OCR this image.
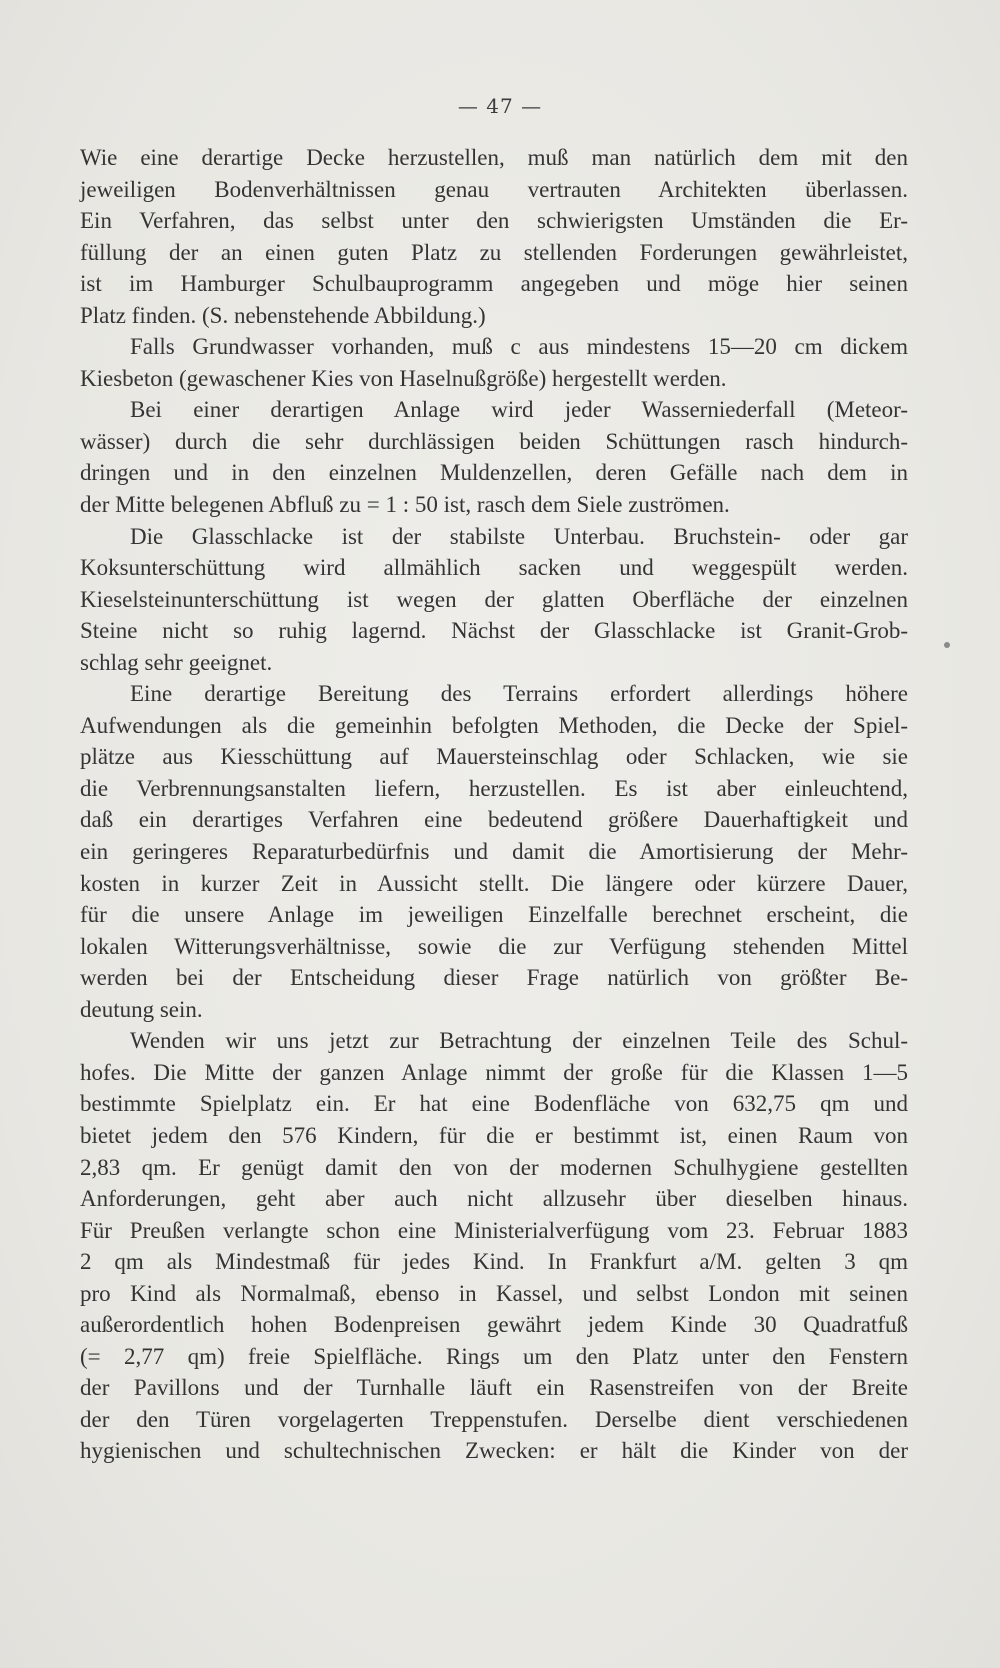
— 47 —
Wie eine derartige Decke herzustellen, muß man natürlich dem mit den
jeweiligen Bodenverhältnissen genau vertrauten Architekten überlassen.
Ein Verfahren, das selbst unter den schwierigsten Umständen die Er-
füllung der an einen guten Platz zu stellenden Forderungen gewährleistet,
ist im Hamburger Schulbauprogramm angegeben und möge hier seinen
Platz finden. (S. nebenstehende Abbildung.)
Falls Grundwasser vorhanden, muß c aus mindestens 15—20 cm dickem
Kiesbeton (gewaschener Kies von Haselnußgröße) hergestellt werden.
Bei einer derartigen Anlage wird jeder Wasserniederfall (Meteor-
wässer) durch die sehr durchlässigen beiden Schüttungen rasch hindurch-
dringen und in den einzelnen Muldenzellen, deren Gefälle nach dem in
der Mitte belegenen Abfluß zu = 1 : 50 ist, rasch dem Siele zuströmen.
Die Glasschlacke ist der stabilste Unterbau. Bruchstein- oder gar
Koksunterschüttung wird allmählich sacken und weggespült werden.
Kieselsteinunterschüttung ist wegen der glatten Oberfläche der einzelnen
Steine nicht so ruhig lagernd. Nächst der Glasschlacke ist Granit-Grob-
schlag sehr geeignet.
Eine derartige Bereitung des Terrains erfordert allerdings höhere
Aufwendungen als die gemeinhin befolgten Methoden, die Decke der Spiel-
plätze aus Kiesschüttung auf Mauersteinschlag oder Schlacken, wie sie
die Verbrennungsanstalten liefern, herzustellen. Es ist aber einleuchtend,
daß ein derartiges Verfahren eine bedeutend größere Dauerhaftigkeit und
ein geringeres Reparaturbedürfnis und damit die Amortisierung der Mehr-
kosten in kurzer Zeit in Aussicht stellt. Die längere oder kürzere Dauer,
für die unsere Anlage im jeweiligen Einzelfalle berechnet erscheint, die
lokalen Witterungsverhältnisse, sowie die zur Verfügung stehenden Mittel
werden bei der Entscheidung dieser Frage natürlich von größter Be-
deutung sein.
Wenden wir uns jetzt zur Betrachtung der einzelnen Teile des Schul-
hofes. Die Mitte der ganzen Anlage nimmt der große für die Klassen 1—5
bestimmte Spielplatz ein. Er hat eine Bodenfläche von 632,75 qm und
bietet jedem den 576 Kindern, für die er bestimmt ist, einen Raum von
2,83 qm. Er genügt damit den von der modernen Schulhygiene gestellten
Anforderungen, geht aber auch nicht allzusehr über dieselben hinaus.
Für Preußen verlangte schon eine Ministerialverfügung vom 23. Februar 1883
2 qm als Mindestmaß für jedes Kind. In Frankfurt a/M. gelten 3 qm
pro Kind als Normalmaß, ebenso in Kassel, und selbst London mit seinen
außerordentlich hohen Bodenpreisen gewährt jedem Kinde 30 Quadratfuß
(= 2,77 qm) freie Spielfläche. Rings um den Platz unter den Fenstern
der Pavillons und der Turnhalle läuft ein Rasenstreifen von der Breite
der den Türen vorgelagerten Treppenstufen. Derselbe dient verschiedenen
hygienischen und schultechnischen Zwecken: er hält die Kinder von der
